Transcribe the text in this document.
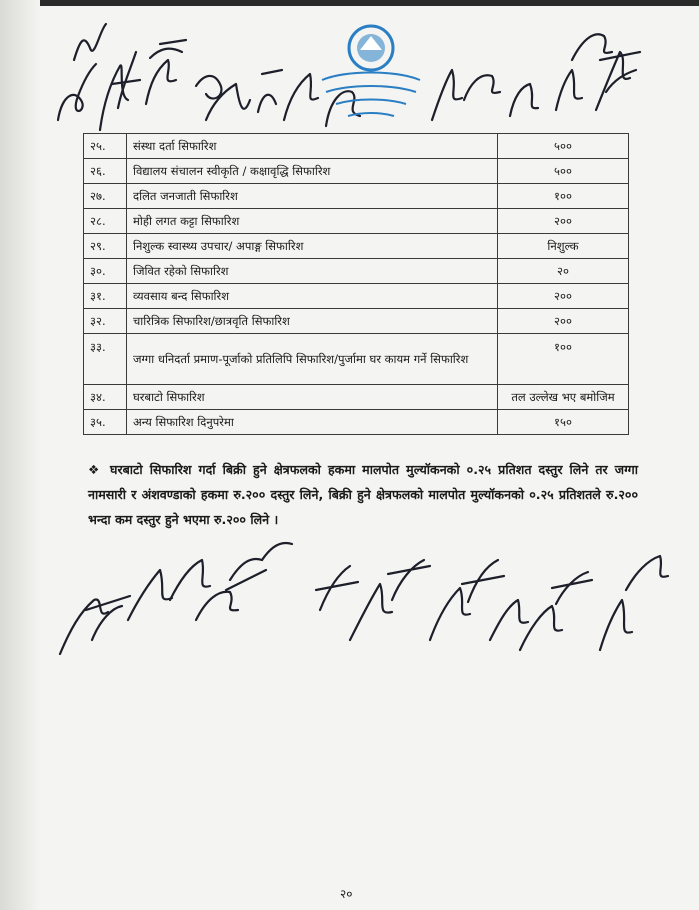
२५.	संस्था दर्ता सिफारिश	५००
२६.	विद्यालय संचालन स्वीकृति / कक्षावृद्धि सिफारिश	५००
२७.	दलित जनजाती सिफारिश	१००
२८.	मोही लगत कट्टा सिफारिश	२००
२९.	निशुल्क स्वास्थ्य उपचार/ अपाङ्ग सिफारिश	निशुल्क
३०.	जिवित रहेको सिफारिश	२०
३१.	व्यवसाय बन्द सिफारिश	२००
३२.	चारित्रिक सिफारिश/छात्रवृति सिफारिश	२००
३३.	जग्गा धनिदर्ता प्रमाण-पूर्जाको प्रतिलिपि सिफारिश/पुर्जामा घर कायम गर्ने सिफारिश	१००
३४.	घरबाटो सिफारिश	तल उल्लेख भए बमोजिम
३५.	अन्य सिफारिश दिनुपरेमा	१५०
❖ घरबाटो सिफारिश गर्दा बिक्री हुने क्षेत्रफलको हकमा मालपोत मुल्यॉकनको ०.२५ प्रतिशत दस्तुर लिने तर जग्गा नामसारी र अंशवण्डाको हकमा रु.२०० दस्तुर लिने, बिक्री हुने क्षेत्रफलको मालपोत मुल्यॉकनको ०.२५ प्रतिशतले रु.२०० भन्दा कम दस्तुर हुने भएमा रु.२०० लिने ।
२०
